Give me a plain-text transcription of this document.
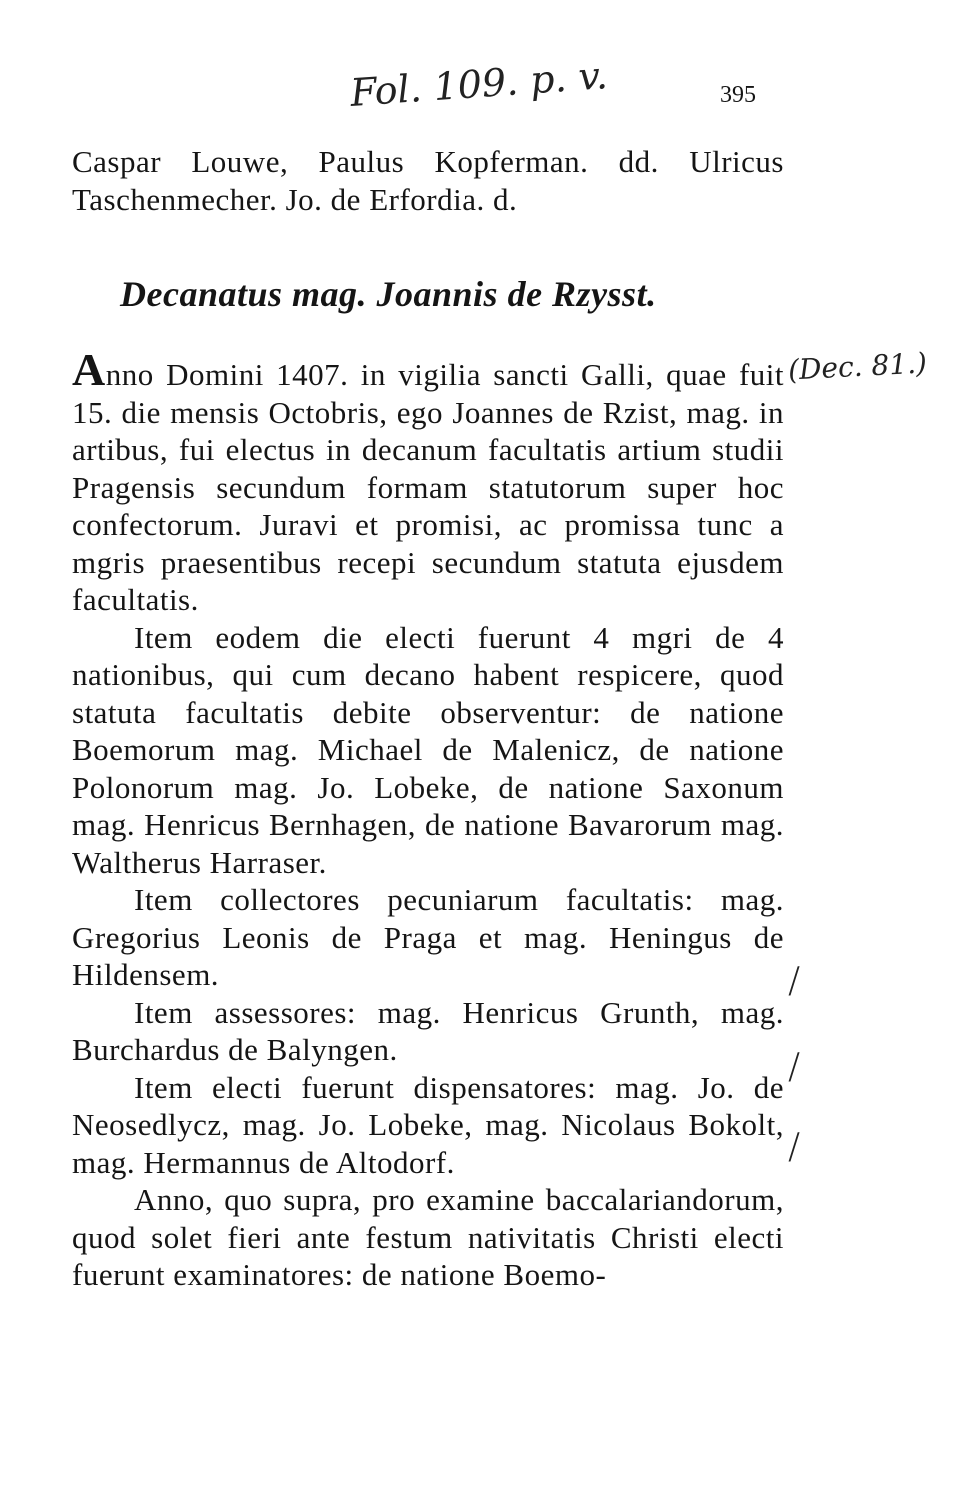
Fol. 109. p. v.	395
Caspar Louwe, Paulus Kopferman. dd. Ulricus Taschenmecher. Jo. de Erfordia. d.
Decanatus mag. Joannis de Rzysst.
(Dec. 81.)

Anno Domini 1407. in vigilia sancti Galli, quae fuit 15. die mensis Octobris, ego Joannes de Rzist, mag. in artibus, fui electus in decanum facultatis artium studii Pragensis secundum formam statutorum super hoc confectorum. Juravi et promisi, ac promissa tunc a mgris praesentibus recepi secundum statuta ejusdem facultatis.

Item eodem die electi fuerunt 4 mgri de 4 nationibus, qui cum decano habent respicere, quod statuta facultatis debite observentur: de natione Boemorum mag. Michael de Malenicz, de natione Polonorum mag. Jo. Lobeke, de natione Saxonum mag. Henricus Bernhagen, de natione Bavarorum mag. Waltherus Harraser.

Item collectores pecuniarum facultatis: mag. Gregorius Leonis de Praga et mag. Heningus de Hildensem.

Item assessores: mag. Henricus Grunth, mag. Burchardus de Balyngen.

Item electi fuerunt dispensatores: mag. Jo. de Neosedlycz, mag. Jo. Lobeke, mag. Nicolaus Bokolt, mag. Hermannus de Altodorf.

Anno, quo supra, pro examine baccalariandorum, quod solet fieri ante festum nativitatis Christi electi fuerunt examinatores: de natione Boemo-

/
/
/
